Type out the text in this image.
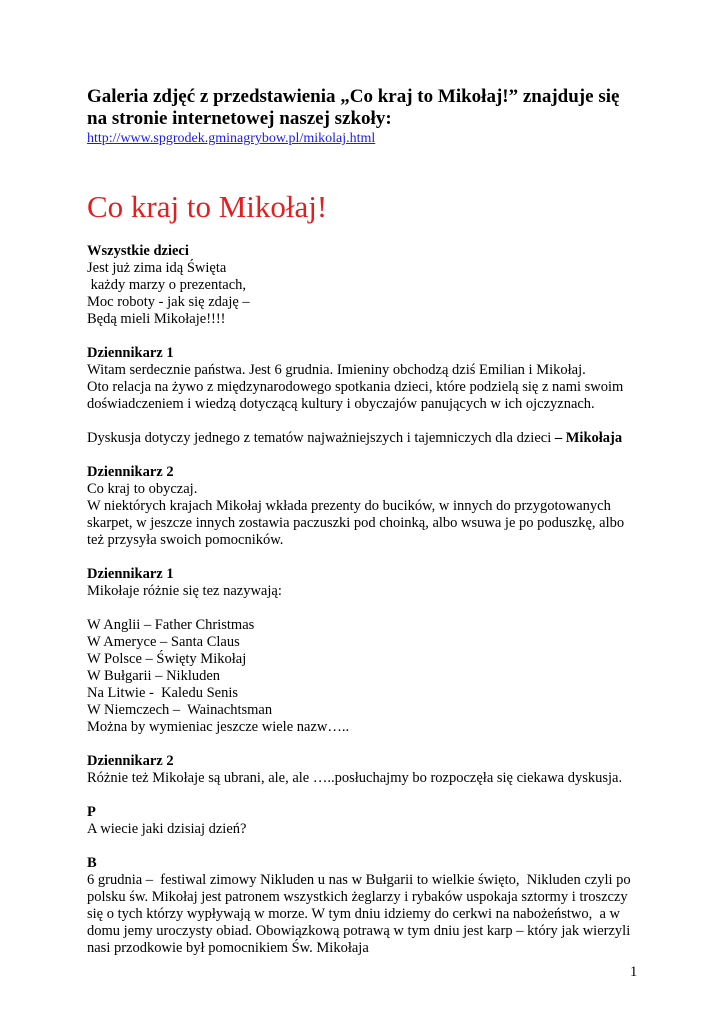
Galeria zdjęć z przedstawienia „Co kraj to Mikołaj!” znajduje się
na stronie internetowej naszej szkoły:

http://www.spgrodek.gminagrybow.pl/mikolaj.html
Co kraj to Mikołaj!
Wszystkie dzieci
Jest już zima idą Święta
każdy marzy o prezentach,
Moc roboty - jak się zdaję –
Będą mieli Mikołaje!!!!
Dziennikarz 1
Witam serdecznie państwa. Jest 6 grudnia. Imieniny obchodzą dziś Emilian i Mikołaj.
Oto relacja na żywo z międzynarodowego spotkania dzieci, które podzielą się z nami swoim
doświadczeniem i wiedzą dotyczącą kultury i obyczajów panujących w ich ojczyznach.
Dyskusja dotyczy jednego z tematów najważniejszych i tajemniczych dla dzieci – Mikołaja
Dziennikarz 2
Co kraj to obyczaj.
W niektórych krajach Mikołaj wkłada prezenty do bucików, w innych do przygotowanych
skarpet, w jeszcze innych zostawia paczuszki pod choinką, albo wsuwa je po poduszkę, albo
też przysyła swoich pomocników.
Dziennikarz 1
Mikołaje różnie się tez nazywają:
W Anglii – Father Christmas
W Ameryce – Santa Claus
W Polsce – Święty Mikołaj
W Bułgarii – Nikluden
Na Litwie -  Kaledu Senis
W Niemczech –  Wainachtsman
Można by wymieniac jeszcze wiele nazw…..
Dziennikarz 2
Różnie też Mikołaje są ubrani, ale, ale …..posłuchajmy bo rozpoczęła się ciekawa dyskusja.
P
A wiecie jaki dzisiaj dzień?
B
6 grudnia –  festiwal zimowy Nikluden u nas w Bułgarii to wielkie święto,  Nikluden czyli po
polsku św. Mikołaj jest patronem wszystkich żeglarzy i rybaków uspokaja sztormy i troszczy
się o tych którzy wypływają w morze. W tym dniu idziemy do cerkwi na nabożeństwo,  a w
domu jemy uroczysty obiad. Obowiązkową potrawą w tym dniu jest karp – który jak wierzyli
nasi przodkowie był pomocnikiem Św. Mikołaja
1
